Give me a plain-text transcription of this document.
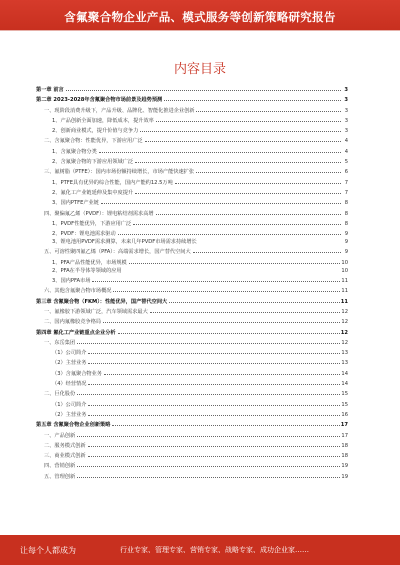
含氟聚合物企业产品、模式服务等创新策略研究报告
内容目录
第一章 前言	3
第二章 2023-2028年含氟聚合物市场前景及趋势预测	3
一、现阶段消费升级下，产品升级、品牌化、智能化推进企业创新	3
1、产品创新全面加速，降低成本，提升效率	3
2、创新商业模式，提升价值与竞争力	3
二、含氟聚合物：性能优异，下游应用广泛	4
1、含氟聚合物分类	4
2、含氟聚合物的下游应用领域广泛	5
三、氟树脂（PTFE）：国内市场份额持续增长，市场产能快速扩张	6
1、PTFE具有优异的综合性能，国内产能约12.5万吨	7
2、氟化工产业链延伸及集中度提升	7
3、国内PTFE产业链	8
四、聚偏氟乙烯（PVDF）：锂电粘结剂需求高增	8
1、PVDF性能优异，下游应用广泛	8
2、PVDF：锂电池需求驱动	9
3、锂电池用PVDF需求测算，未来几年PVDF市场需求持续增长	9
五、可溶性聚四氟乙烯（PFA）：高端需求增长，国产替代空间大	9
1、PFA产品性能优异，市场规模	10
2、PFA在半导体等领域的应用	10
3、国内PFA市场	11
六、其他含氟聚合物市场概况	11
第三章 含氟聚合物（FKM）：性能优异，国产替代空间大	11
一、氟橡胶下游领域广泛，汽车领域需求最大	12
二、国内氟橡胶竞争格局	12
第四章 氟化工产业链重点企业分析	12
一、东岳集团	12
（1）公司简介	13
（2）主营业务	13
（3）含氟聚合物业务	14
（4）经营情况	14
二、巨化股份	15
（1）公司简介	15
（2）主营业务	16
第五章 含氟聚合物企业创新策略	17
一、产品创新	17
二、服务模式创新	18
三、商业模式创新	18
四、营销创新	19
五、管理创新	19
让每个人都成为	行业专家、管理专家、营销专家、战略专家、成功企业家……
